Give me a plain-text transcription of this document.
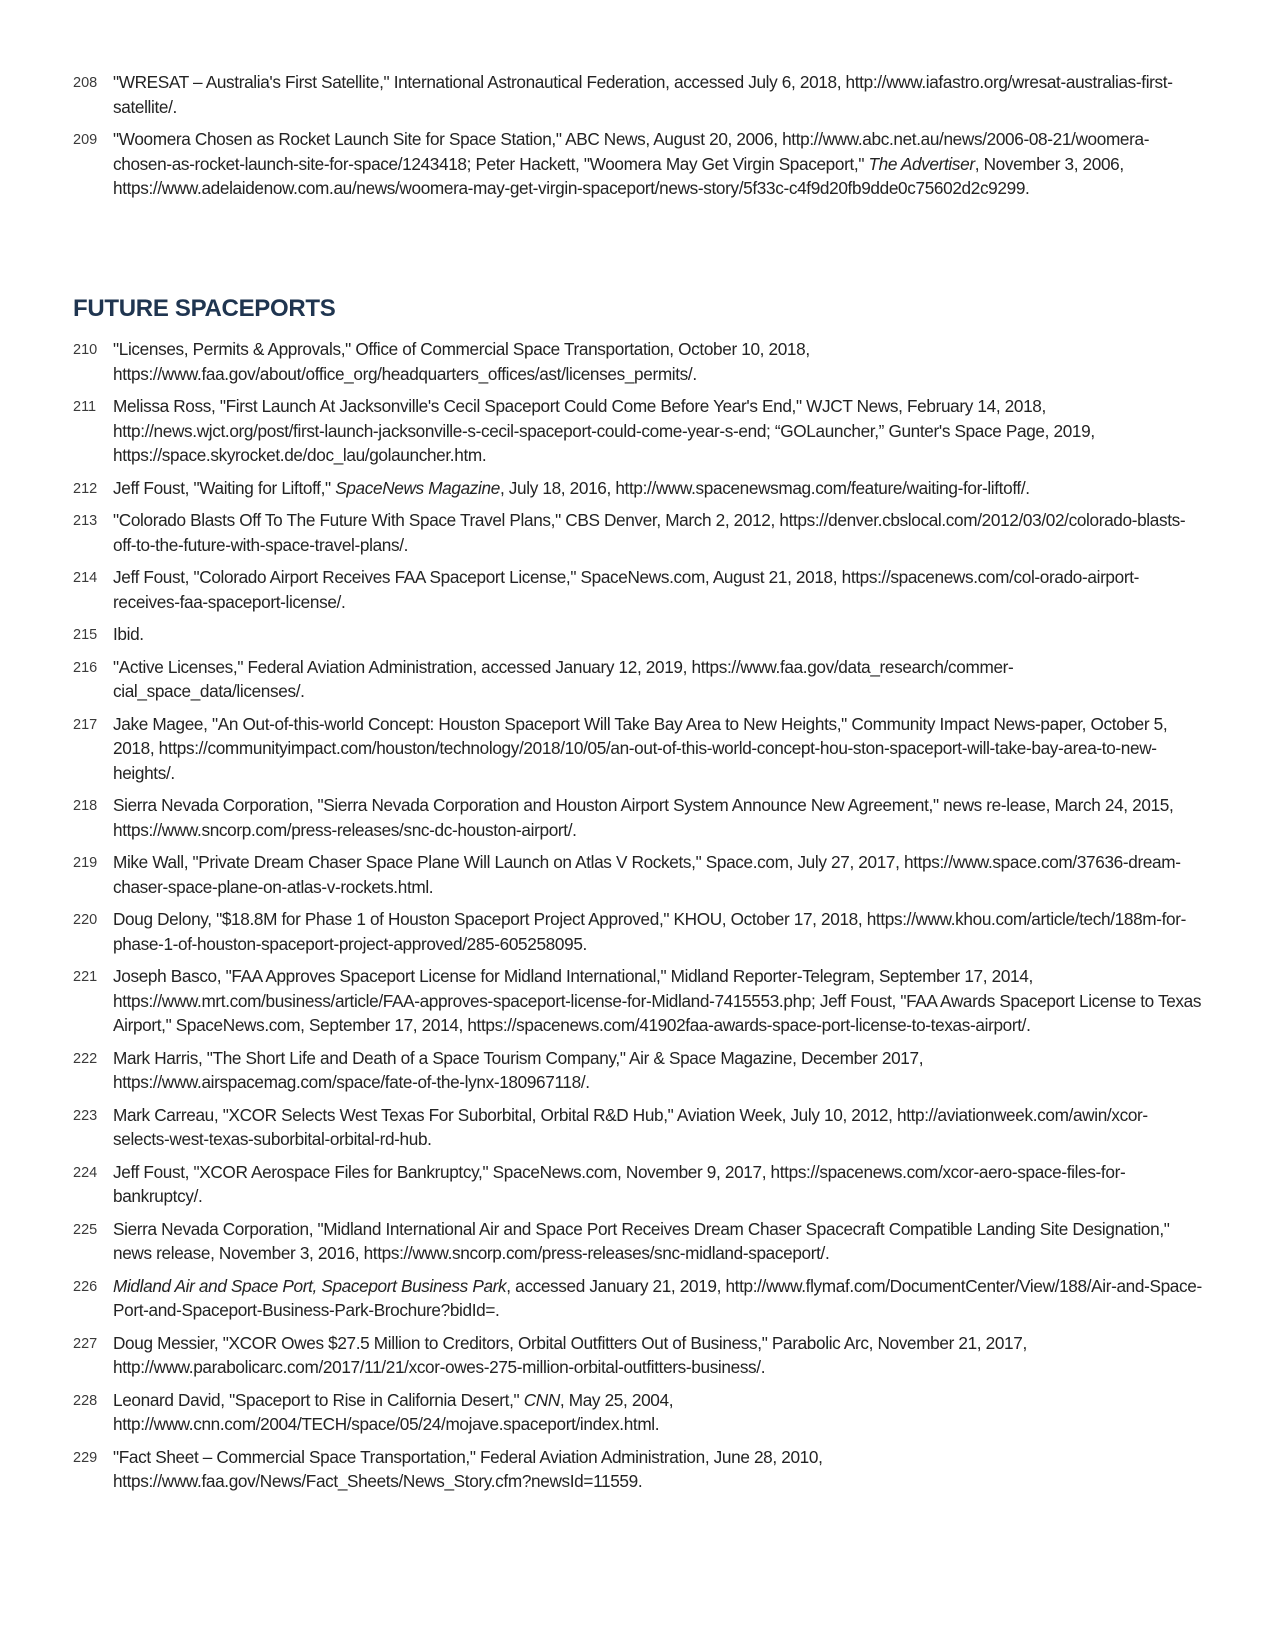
208 "WRESAT – Australia's First Satellite," International Astronautical Federation, accessed July 6, 2018, http://www.iafastro.org/wresat-australias-first-satellite/.
209 "Woomera Chosen as Rocket Launch Site for Space Station," ABC News, August 20, 2006, http://www.abc.net.au/news/2006-08-21/woomera-chosen-as-rocket-launch-site-for-space/1243418; Peter Hackett, "Woomera May Get Virgin Spaceport," The Advertiser, November 3, 2006, https://www.adelaidenow.com.au/news/woomera-may-get-virgin-spaceport/news-story/5f33c-c4f9d20fb9dde0c75602d2c9299.
FUTURE SPACEPORTS
210 "Licenses, Permits & Approvals," Office of Commercial Space Transportation, October 10, 2018, https://www.faa.gov/about/office_org/headquarters_offices/ast/licenses_permits/.
211 Melissa Ross, "First Launch At Jacksonville's Cecil Spaceport Could Come Before Year's End," WJCT News, February 14, 2018, http://news.wjct.org/post/first-launch-jacksonville-s-cecil-spaceport-could-come-year-s-end; “GOLauncher,” Gunter's Space Page, 2019, https://space.skyrocket.de/doc_lau/golauncher.htm.
212 Jeff Foust, "Waiting for Liftoff," SpaceNews Magazine, July 18, 2016, http://www.spacenewsmag.com/feature/waiting-for-liftoff/.
213 "Colorado Blasts Off To The Future With Space Travel Plans," CBS Denver, March 2, 2012, https://denver.cbslocal.com/2012/03/02/colorado-blasts-off-to-the-future-with-space-travel-plans/.
214 Jeff Foust, "Colorado Airport Receives FAA Spaceport License," SpaceNews.com, August 21, 2018, https://spacenews.com/col-orado-airport-receives-faa-spaceport-license/.
215 Ibid.
216 "Active Licenses," Federal Aviation Administration, accessed January 12, 2019, https://www.faa.gov/data_research/commer-cial_space_data/licenses/.
217 Jake Magee, "An Out-of-this-world Concept: Houston Spaceport Will Take Bay Area to New Heights," Community Impact News-paper, October 5, 2018, https://communityimpact.com/houston/technology/2018/10/05/an-out-of-this-world-concept-hou-ston-spaceport-will-take-bay-area-to-new-heights/.
218 Sierra Nevada Corporation, "Sierra Nevada Corporation and Houston Airport System Announce New Agreement," news re-lease, March 24, 2015, https://www.sncorp.com/press-releases/snc-dc-houston-airport/.
219 Mike Wall, "Private Dream Chaser Space Plane Will Launch on Atlas V Rockets," Space.com, July 27, 2017, https://www.space.com/37636-dream-chaser-space-plane-on-atlas-v-rockets.html.
220 Doug Delony, "$18.8M for Phase 1 of Houston Spaceport Project Approved," KHOU, October 17, 2018, https://www.khou.com/article/tech/188m-for-phase-1-of-houston-spaceport-project-approved/285-605258095.
221 Joseph Basco, "FAA Approves Spaceport License for Midland International," Midland Reporter-Telegram, September 17, 2014, https://www.mrt.com/business/article/FAA-approves-spaceport-license-for-Midland-7415553.php; Jeff Foust, "FAA Awards Spaceport License to Texas Airport," SpaceNews.com, September 17, 2014, https://spacenews.com/41902faa-awards-space-port-license-to-texas-airport/.
222 Mark Harris, "The Short Life and Death of a Space Tourism Company," Air & Space Magazine, December 2017, https://www.airspacemag.com/space/fate-of-the-lynx-180967118/.
223 Mark Carreau, "XCOR Selects West Texas For Suborbital, Orbital R&D Hub," Aviation Week, July 10, 2012, http://aviationweek.com/awin/xcor-selects-west-texas-suborbital-orbital-rd-hub.
224 Jeff Foust, "XCOR Aerospace Files for Bankruptcy," SpaceNews.com, November 9, 2017, https://spacenews.com/xcor-aero-space-files-for-bankruptcy/.
225 Sierra Nevada Corporation, "Midland International Air and Space Port Receives Dream Chaser Spacecraft Compatible Landing Site Designation," news release, November 3, 2016, https://www.sncorp.com/press-releases/snc-midland-spaceport/.
226 Midland Air and Space Port, Spaceport Business Park, accessed January 21, 2019, http://www.flymaf.com/DocumentCenter/View/188/Air-and-Space-Port-and-Spaceport-Business-Park-Brochure?bidId=.
227 Doug Messier, "XCOR Owes $27.5 Million to Creditors, Orbital Outfitters Out of Business," Parabolic Arc, November 21, 2017, http://www.parabolicarc.com/2017/11/21/xcor-owes-275-million-orbital-outfitters-business/.
228 Leonard David, "Spaceport to Rise in California Desert," CNN, May 25, 2004, http://www.cnn.com/2004/TECH/space/05/24/mojave.spaceport/index.html.
229 "Fact Sheet – Commercial Space Transportation," Federal Aviation Administration, June 28, 2010, https://www.faa.gov/News/Fact_Sheets/News_Story.cfm?newsId=11559.
